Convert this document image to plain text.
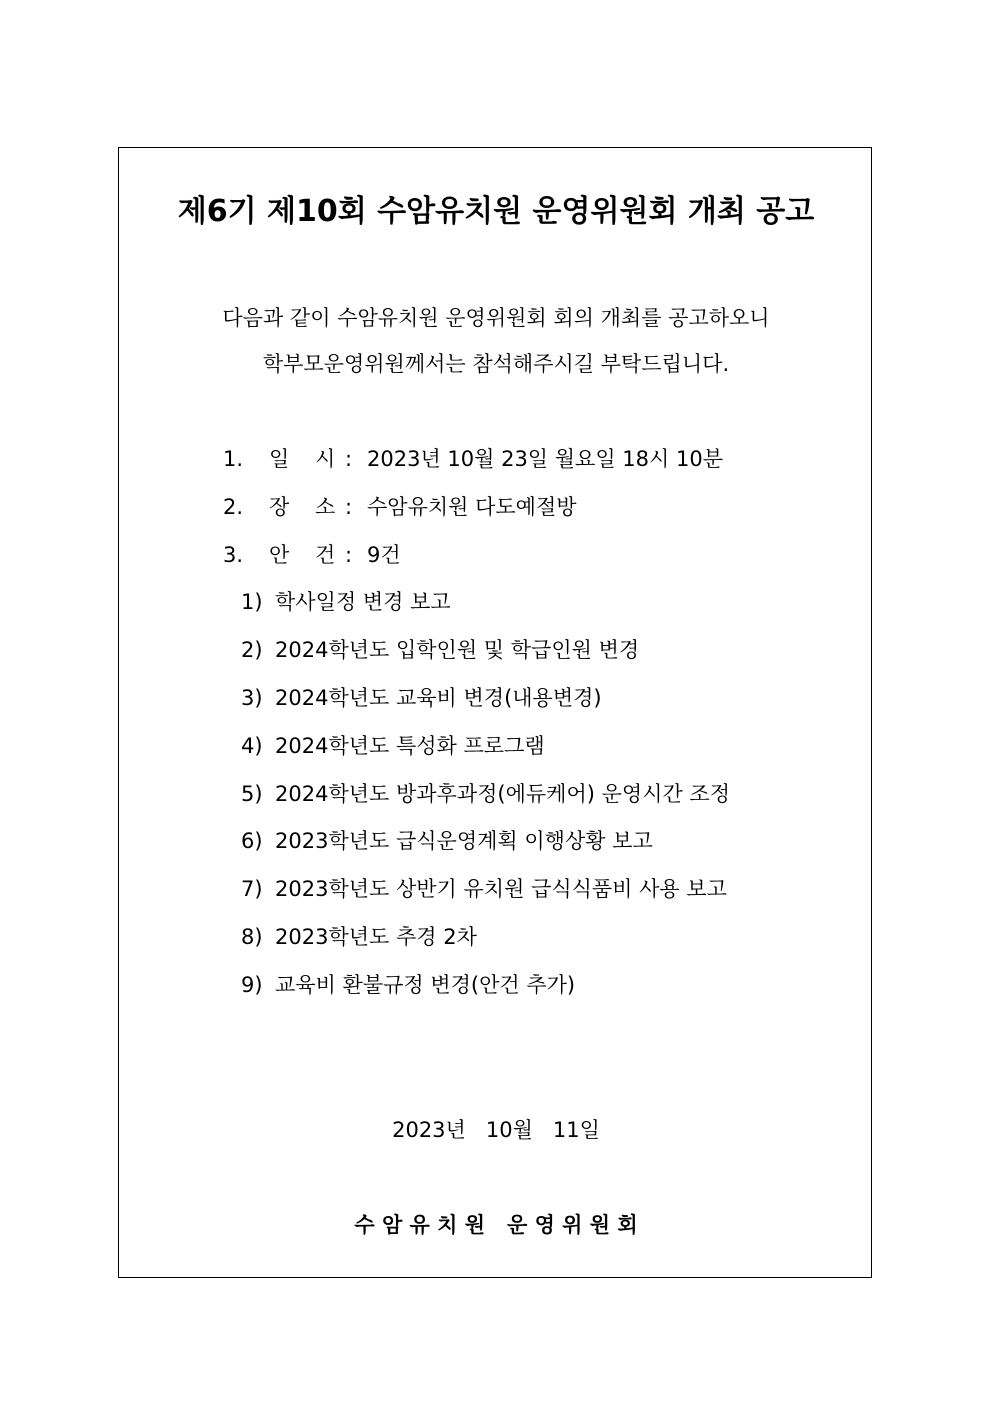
제6기 제10회 수암유치원 운영위원회 개최 공고
다음과 같이 수암유치원 운영위원회 회의 개최를 공고하오니
학부모운영위원께서는 참석해주시길 부탁드립니다.
1. 일 시 : 2023년 10월 23일 월요일 18시 10분
2. 장 소 : 수암유치원 다도예절방
3. 안 건 : 9건
1) 학사일정 변경 보고
2) 2024학년도 입학인원 및 학급인원 변경
3) 2024학년도 교육비 변경(내용변경)
4) 2024학년도 특성화 프로그램
5) 2024학년도 방과후과정(에듀케어) 운영시간 조정
6) 2023학년도 급식운영계획 이행상황 보고
7) 2023학년도 상반기 유치원 급식식품비 사용 보고
8) 2023학년도 추경 2차
9) 교육비 환불규정 변경(안건 추가)
2023년   10월   11일
수 암 유 치 원   운 영 위 원 회
